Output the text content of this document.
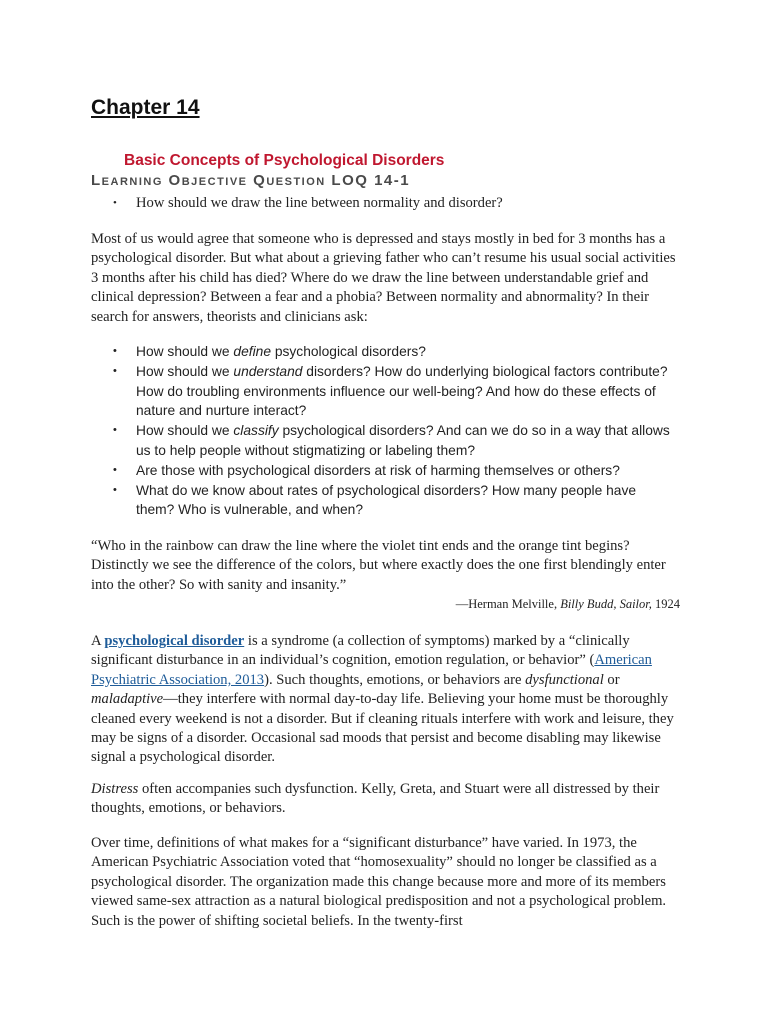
Chapter 14
Basic Concepts of Psychological Disorders
Learning Objective Question LOQ 14-1
• How should we draw the line between normality and disorder?

Most of us would agree that someone who is depressed and stays mostly in bed for 3 months has a psychological disorder. But what about a grieving father who can’t resume his usual social activities 3 months after his child has died? Where do we draw the line between understandable grief and clinical depression? Between a fear and a phobia? Between normality and abnormality? In their search for answers, theorists and clinicians ask:

• How should we define psychological disorders?
• How should we understand disorders? How do underlying biological factors contribute? How do troubling environments influence our well-being? And how do these effects of nature and nurture interact?
• How should we classify psychological disorders? And can we do so in a way that allows us to help people without stigmatizing or labeling them?
• Are those with psychological disorders at risk of harming themselves or others?
• What do we know about rates of psychological disorders? How many people have them? Who is vulnerable, and when?

“Who in the rainbow can draw the line where the violet tint ends and the orange tint begins? Distinctly we see the difference of the colors, but where exactly does the one first blendingly enter into the other? So with sanity and insanity.”

—Herman Melville, Billy Budd, Sailor, 1924

A psychological disorder is a syndrome (a collection of symptoms) marked by a “clinically significant disturbance in an individual’s cognition, emotion regulation, or behavior” (American Psychiatric Association, 2013). Such thoughts, emotions, or behaviors are dysfunctional or maladaptive—they interfere with normal day-to-day life. Believing your home must be thoroughly cleaned every weekend is not a disorder. But if cleaning rituals interfere with work and leisure, they may be signs of a disorder. Occasional sad moods that persist and become disabling may likewise signal a psychological disorder.

Distress often accompanies such dysfunction. Kelly, Greta, and Stuart were all distressed by their thoughts, emotions, or behaviors.

Over time, definitions of what makes for a “significant disturbance” have varied. In 1973, the American Psychiatric Association voted that “homosexuality” should no longer be classified as a psychological disorder. The organization made this change because more and more of its members viewed same-sex attraction as a natural biological predisposition and not a psychological problem. Such is the power of shifting societal beliefs. In the twenty-first
